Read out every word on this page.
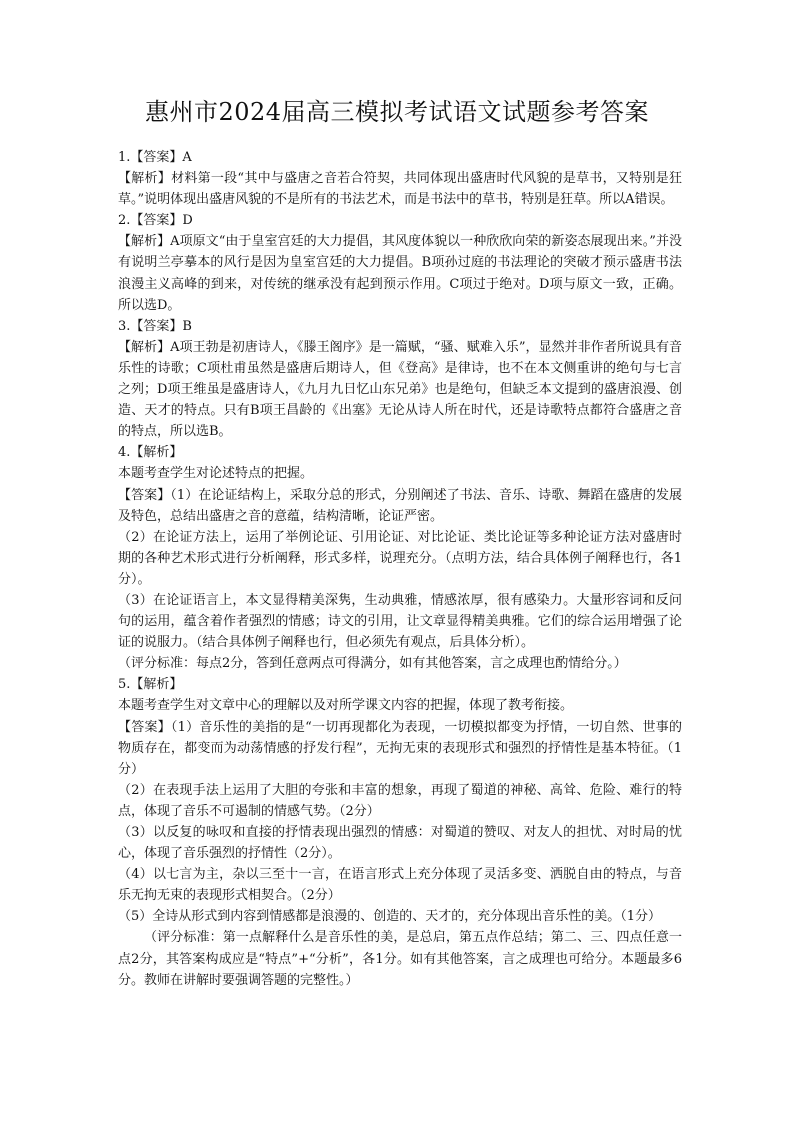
惠州市2024届高三模拟考试语文试题参考答案

1.【答案】A

【解析】材料第一段“其中与盛唐之音若合符契，共同体现出盛唐时代风貌的是草书，又特别是狂草。”说明体现出盛唐风貌的不是所有的书法艺术，而是书法中的草书，特别是狂草。所以A错误。

2.【答案】D

【解析】A项原文“由于皇室宫廷的大力提倡，其风度体貌以一种欣欣向荣的新姿态展现出来。”并没有说明兰亭摹本的风行是因为皇室宫廷的大力提倡。B项孙过庭的书法理论的突破才预示盛唐书法浪漫主义高峰的到来，对传统的继承没有起到预示作用。C项过于绝对。D项与原文一致，正确。所以选D。

3.【答案】B

【解析】A项王勃是初唐诗人，《滕王阁序》是一篇赋，“骚、赋难入乐”，显然并非作者所说具有音乐性的诗歌；C项杜甫虽然是盛唐后期诗人，但《登高》是律诗，也不在本文侧重讲的绝句与七言之列；D项王维虽是盛唐诗人，《九月九日忆山东兄弟》也是绝句，但缺乏本文提到的盛唐浪漫、创造、天才的特点。只有B项王昌龄的《出塞》无论从诗人所在时代，还是诗歌特点都符合盛唐之音的特点，所以选B。

4.【解析】

本题考查学生对论述特点的把握。

【答案】（1）在论证结构上，采取分总的形式，分别阐述了书法、音乐、诗歌、舞蹈在盛唐的发展及特色，总结出盛唐之音的意蕴，结构清晰，论证严密。

（2）在论证方法上，运用了举例论证、引用论证、对比论证、类比论证等多种论证方法对盛唐时期的各种艺术形式进行分析阐释，形式多样，说理充分。（点明方法，结合具体例子阐释也行，各1分）。

（3）在论证语言上，本文显得精美深隽，生动典雅，情感浓厚，很有感染力。大量形容词和反问句的运用，蕴含着作者强烈的情感；诗文的引用，让文章显得精美典雅。它们的综合运用增强了论证的说服力。（结合具体例子阐释也行，但必须先有观点，后具体分析）。

（评分标准：每点2分，答到任意两点可得满分，如有其他答案，言之成理也酌情给分。）

5.【解析】

本题考查学生对文章中心的理解以及对所学课文内容的把握，体现了教考衔接。

【答案】（1）音乐性的美指的是“一切再现都化为表现，一切模拟都变为抒情，一切自然、世事的物质存在，都变而为动荡情感的抒发行程”，无拘无束的表现形式和强烈的抒情性是基本特征。（1分）

（2）在表现手法上运用了大胆的夸张和丰富的想象，再现了蜀道的神秘、高耸、危险、难行的特点，体现了音乐不可遏制的情感气势。（2分）

（3）以反复的咏叹和直接的抒情表现出强烈的情感：对蜀道的赞叹、对友人的担忧、对时局的忧心，体现了音乐强烈的抒情性（2分）。

（4）以七言为主，杂以三至十一言，在语言形式上充分体现了灵活多变、洒脱自由的特点，与音乐无拘无束的表现形式相契合。（2分）

（5）全诗从形式到内容到情感都是浪漫的、创造的、天才的，充分体现出音乐性的美。（1分）

（评分标准：第一点解释什么是音乐性的美，是总启，第五点作总结；第二、三、四点任意一点2分，其答案构成应是“特点”+“分析”，各1分。如有其他答案，言之成理也可给分。本题最多6分。教师在讲解时要强调答题的完整性。）
